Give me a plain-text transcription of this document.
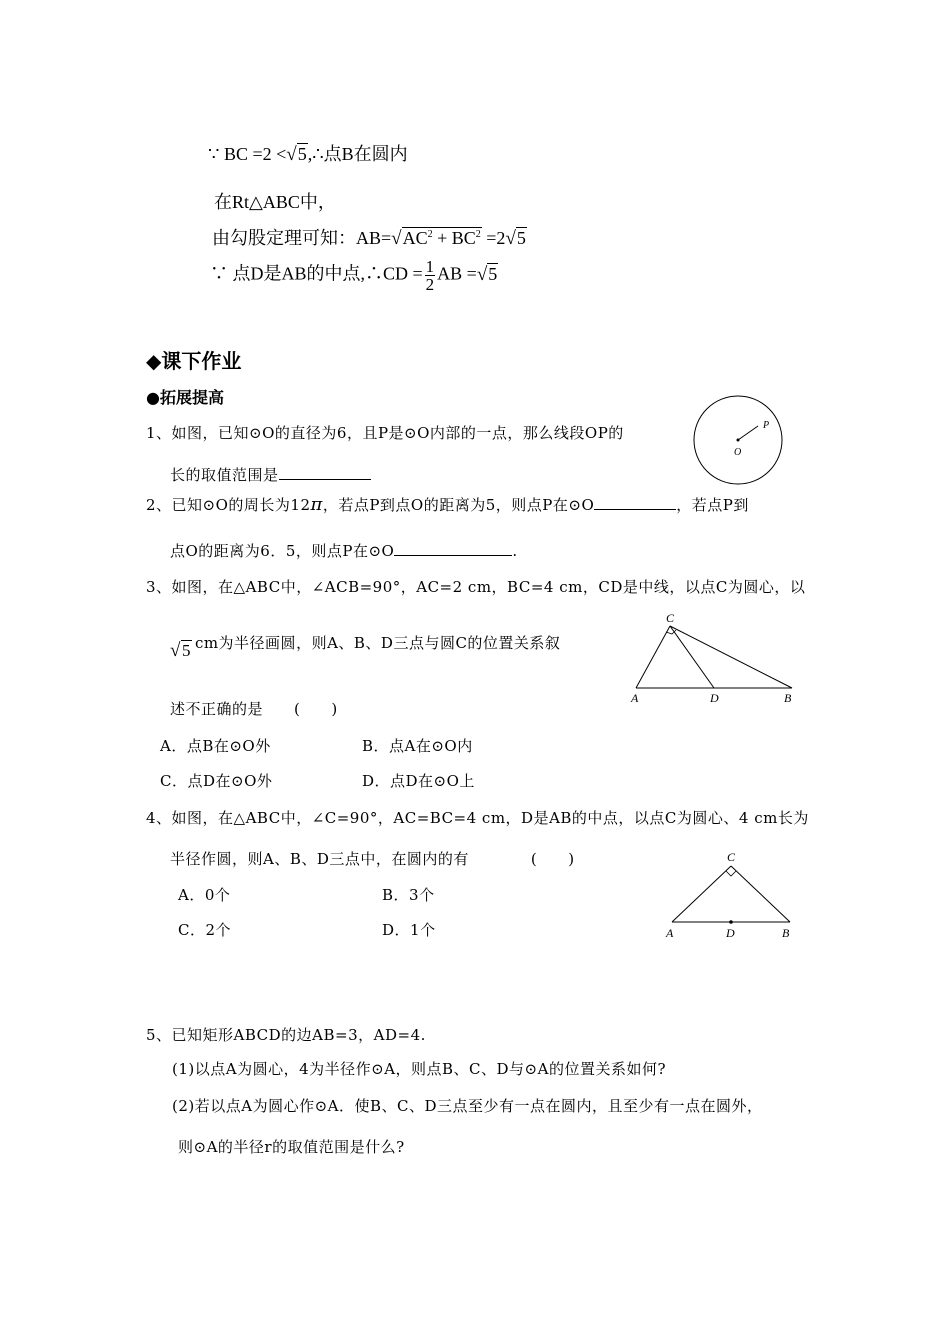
∵ BC =2 <√5,∴点B在圆内
在Rt△ABC中，
由勾股定理可知：$AB=√AC^2 + BC^2 =2√5$
∵ 点D是AB的中点,∴CD = $\frac{1}{2}$ AB =√5
◆课下作业
●拓展提高
1、如图，已知⊙O的直径为6，且P是⊙O内部的一点，那么线段OP的
长的取值范围是
P
O
2、已知⊙O的周长为12π，若点P到点O的距离为5，则点P在⊙O	，若点P到
点O的距离为6．5，则点P在⊙O	.
3、如图，在△ABC中，∠ACB=90°，AC=2 cm，BC=4 cm，CD是中线，以点C为圆心，以
√5 cm为半径画圆，则A、B、D三点与圆C的位置关系叙
述不正确的是　　(　　)
A．点B在⊙O外	B．点A在⊙O内
C．点D在⊙O外	D．点D在⊙O上
C
A	D	B
4、如图，在△ABC中，∠C=90°，AC=BC=4 cm，D是AB的中点，以点C为圆心、4 cm长为
半径作圆，则A、B、D三点中，在圆内的有　　　　(　　)
A．0个	B．3个
C．2个	D．1个
C
A	D	B
5、已知矩形ABCD的边AB=3，AD=4.
(1)以点A为圆心，4为半径作⊙A，则点B、C、D与⊙A的位置关系如何?
(2)若以点A为圆心作⊙A．使B、C、D三点至少有一点在圆内，且至少有一点在圆外，
则⊙A的半径r的取值范围是什么?
